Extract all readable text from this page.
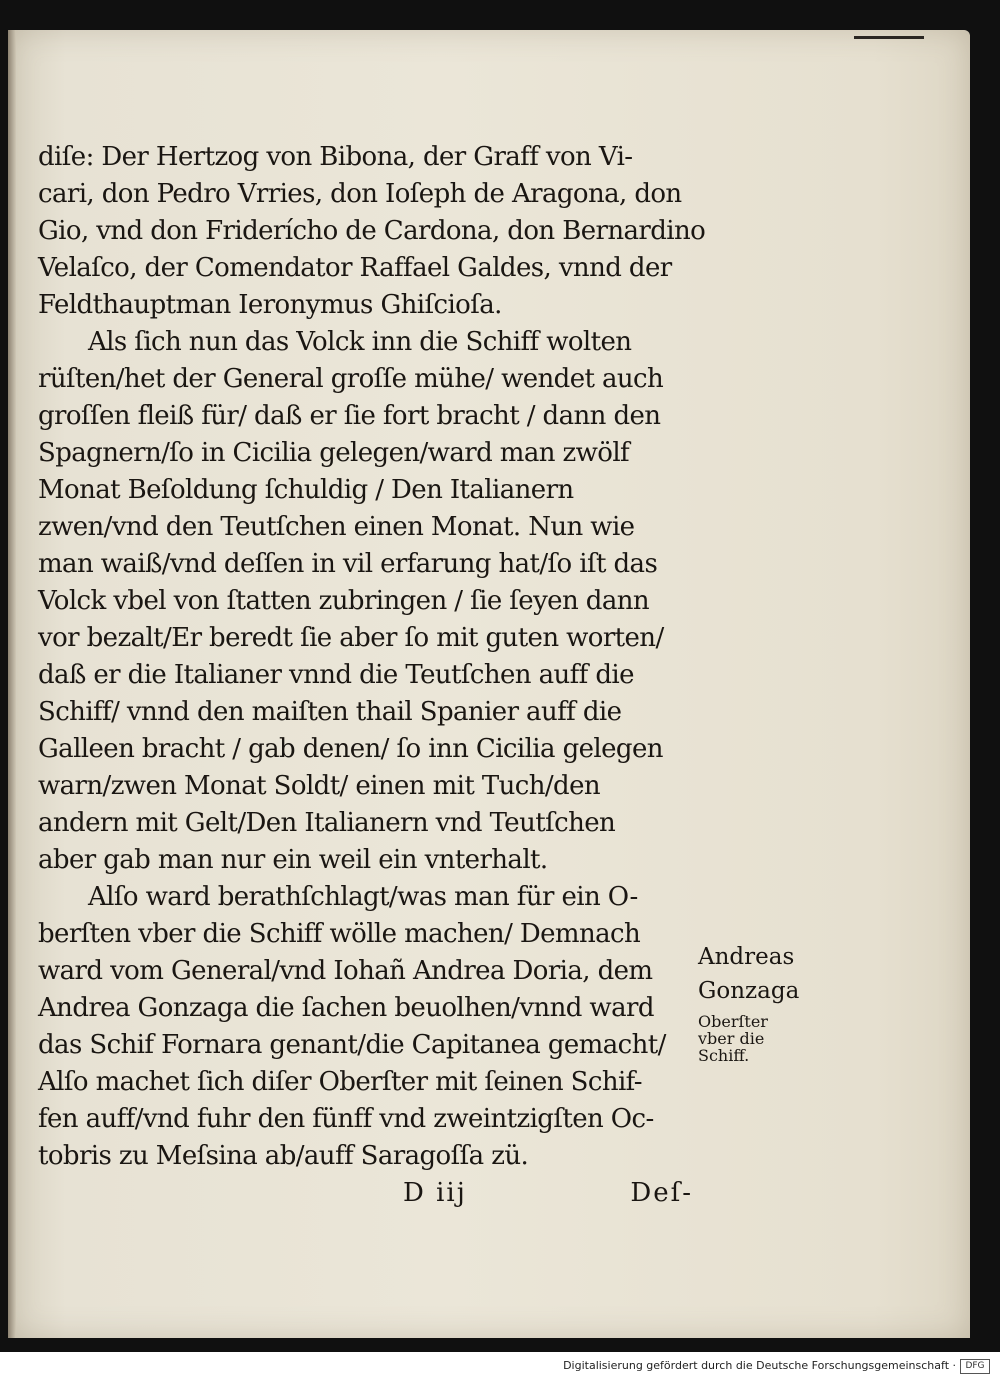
diſe: Der Hertzog von Bibona, der Graff von Vi-
cari, don Pedro Vrries, don Ioſeph de Aragona, don
Gio, vnd don Friderícho de Cardona, don Bernardino
Velaſco, der Comendator Raffael Galdes, vnnd der
Feldthauptman Ieronymus Ghiſcioſa.
Als ſich nun das Volck inn die Schiff wolten
rüſten/het der General groſſe mühe/ wendet auch
groſſen fleiß für/ daß er ſie fort bracht / dann den
Spagnern/ſo in Cicilia gelegen/ward man zwölf
Monat Beſoldung ſchuldig / Den Italianern
zwen/vnd den Teutſchen einen Monat. Nun wie
man waiß/vnd deſſen in vil erfarung hat/ſo iſt das
Volck vbel von ſtatten zubringen / ſie ſeyen dann
vor bezalt/Er beredt ſie aber ſo mit guten worten/
daß er die Italianer vnnd die Teutſchen auff die
Schiff/ vnnd den maiſten thail Spanier auff die
Galleen bracht / gab denen/ ſo inn Cicilia gelegen
warn/zwen Monat Soldt/ einen mit Tuch/den
andern mit Gelt/Den Italianern vnd Teutſchen
aber gab man nur ein weil ein vnterhalt.
Alſo ward berathſchlagt/was man für ein O-
berſten vber die Schiff wölle machen/ Demnach
ward vom General/vnd Iohañ Andrea Doria, dem
Andrea Gonzaga die ſachen beuolhen/vnnd ward
das Schif Fornara genant/die Capitanea gemacht/
Alſo machet ſich diſer Oberſter mit ſeinen Schif-
fen auff/vnd fuhr den fünff vnd zweintzigſten Oc-
tobris zu Meſsina ab/auff Saragoſſa zü.
D iij	Deſ-
Andreas
Gonzaga
Oberſter
vber die
Schiff.
Digitalisierung gefördert durch die Deutsche Forschungsgemeinschaft ·	DFG
